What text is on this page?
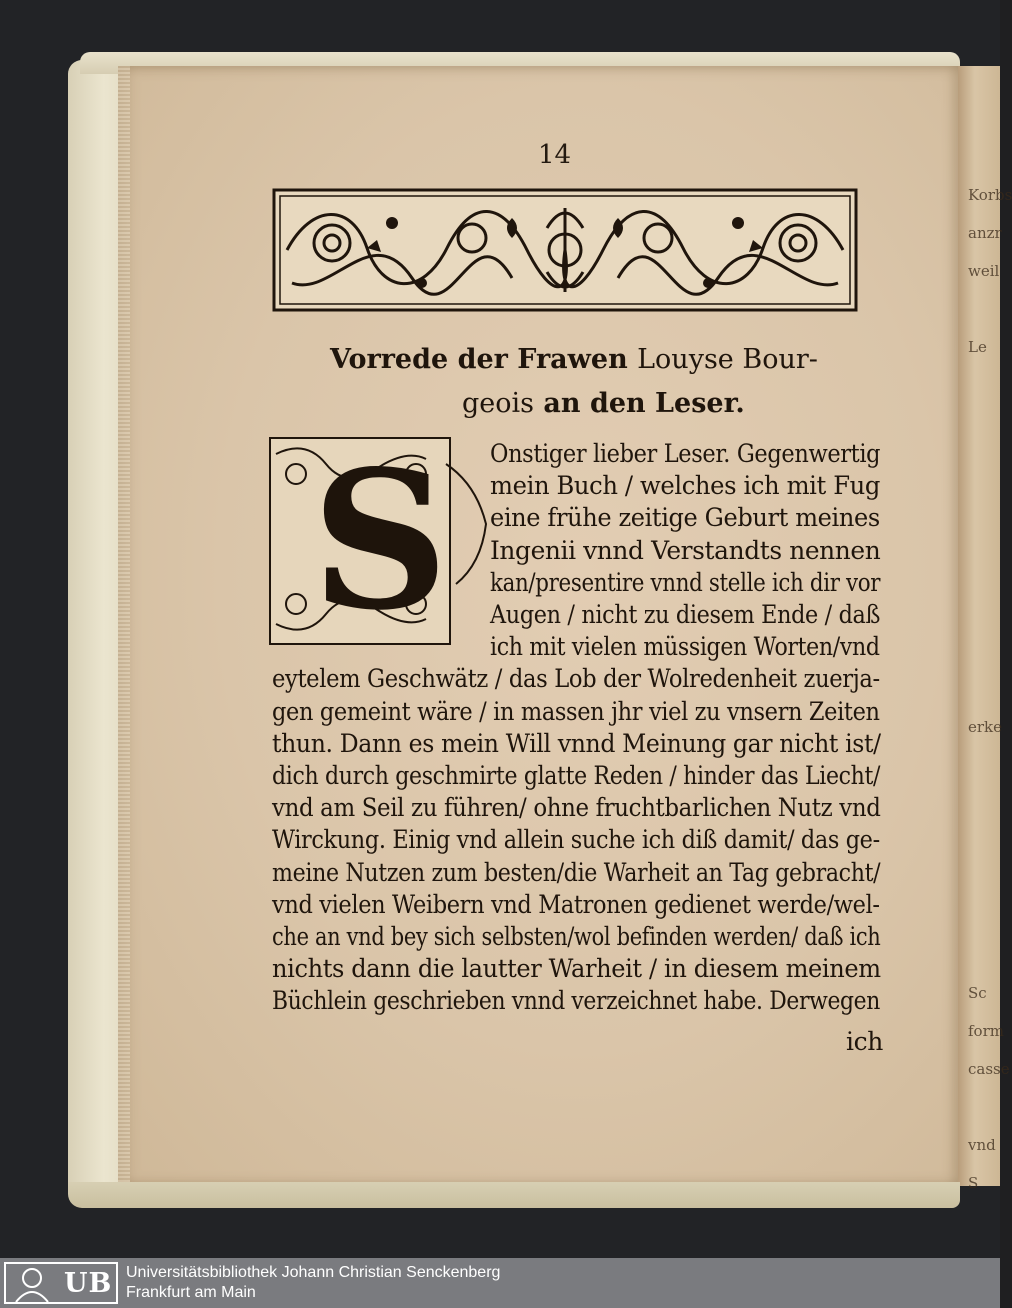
Korbs
anzr
weil

Le

erke

Sc
form
casse

vnd S
14
Vorrede der Frawen Louyse Bour-
geois an den Leser.
S	Onstiger lieber Leser. Gegenwertig
mein Buch / welches ich mit Fug
eine frühe zeitige Geburt meines
Ingenii vnnd Verstandts nennen
kan/presentire vnnd stelle ich dir vor
Augen / nicht zu diesem Ende / daß
ich mit vielen müssigen Worten/vnd
eytelem Geschwätz / das Lob der Wolredenheit zuerja-
gen gemeint wäre / in massen jhr viel zu vnsern Zeiten
thun. Dann es mein Will vnnd Meinung gar nicht ist/
dich durch geschmirte glatte Reden / hinder das Liecht/
vnd am Seil zu führen/ ohne fruchtbarlichen Nutz vnd
Wirckung. Einig vnd allein suche ich diß damit/ das ge-
meine Nutzen zum besten/die Warheit an Tag gebracht/
vnd vielen Weibern vnd Matronen gedienet werde/wel-
che an vnd bey sich selbsten/wol befinden werden/ daß ich
nichts dann die lautter Warheit / in diesem meinem
Büchlein geschrieben vnnd verzeichnet habe. Derwegen
ich
UB Universitätsbibliothek Johann Christian Senckenberg
Frankfurt am Main
